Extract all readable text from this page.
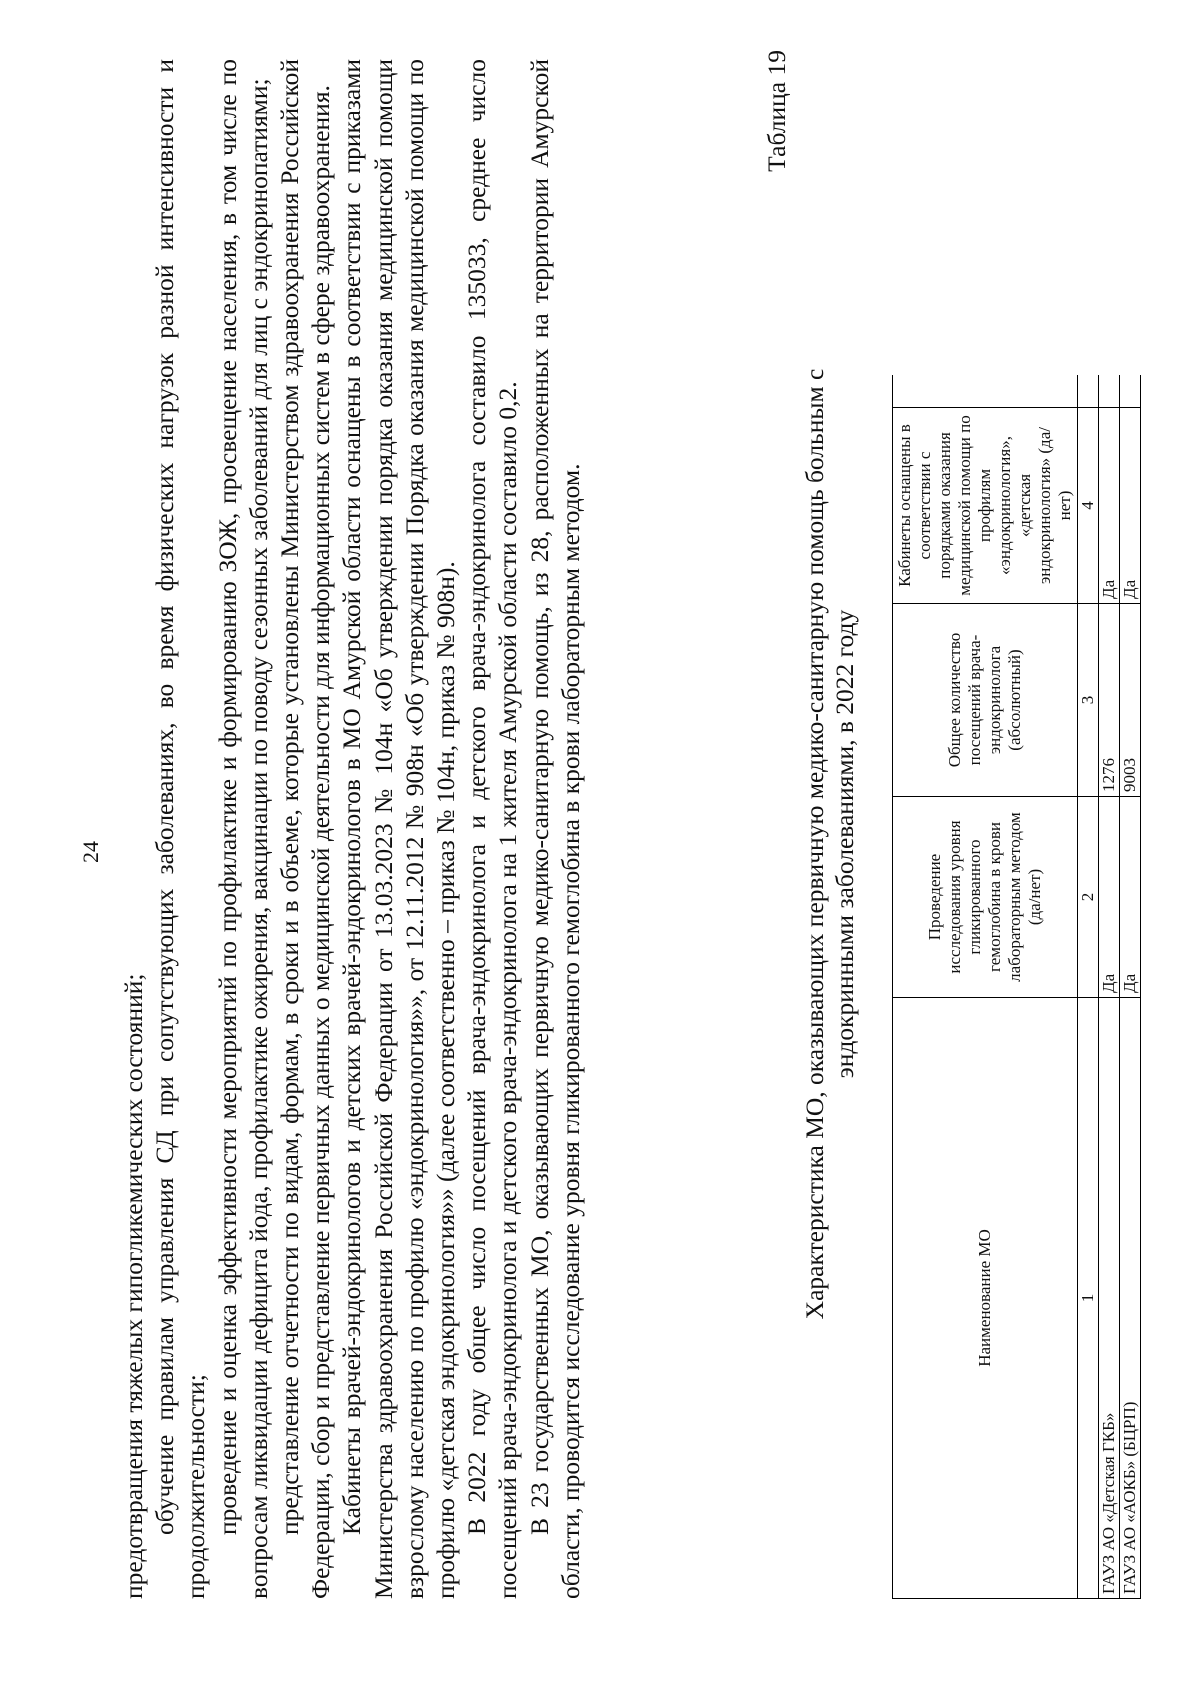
24

предотвращения тяжелых гипогликемических состояний; обучение правилам управления СД при сопутствующих заболеваниях, во время физических нагрузок разной интенсивности и продолжительности; проведение и оценка эффективности мероприятий по профилактике и формированию ЗОЖ, просвещение населения, в том числе по вопросам ликвидации дефицита йода, профилактике ожирения, вакцинации по поводу сезонных заболеваний для лиц с эндокринопатиями; представление отчетности по видам, формам, в сроки и в объеме, которые установлены Министерством здравоохранения Российской Федерации, сбор и представление первичных данных о медицинской деятельности для информационных систем в сфере здравоохранения. Кабинеты врачей-эндокринологов и детских врачей-эндокринологов в МО Амурской области оснащены в соответствии с приказами Министерства здравоохранения Российской Федерации от 13.03.2023 № 104н «Об утверждении порядка оказания медицинской помощи взрослому населению по профилю «эндокринология»», от 12.11.2012 № 908н «Об утверждении Порядка оказания медицинской помощи по профилю «детская эндокринология»» (далее соответственно – приказ № 104н, приказ № 908н). В 2022 году общее число посещений врача-эндокринолога и детского врача-эндокринолога составило 135033, среднее число посещений врача-эндокринолога и детского врача-эндокринолога на 1 жителя Амурской области составило 0,2. В 23 государственных МО, оказывающих первичную медико-санитарную помощь, из 28, расположенных на территории Амурской области, проводится исследование уровня гликированного гемоглобина в крови лабораторным методом.

Таблица 19
Характеристика МО, оказывающих первичную медико-санитарную помощь больным с эндокринными заболеваниями, в 2022 году
Наименование МО	Проведение исследования уровня гликированного гемоглобина в крови лабораторным методом (да/нет)	Общее количество посещений врача-эндокринолога (абсолютный)	Кабинеты оснащены в соответствии с порядками оказания медицинской помощи по профилям «эндокринология», «детская эндокринология» (да/нет)	
1	2	3	4	
ГАУЗ АО «Детская ГКБ»	Да	1276	Да	
ГАУЗ АО «АОКБ» (БЦРП)	Да	9003	Да	
